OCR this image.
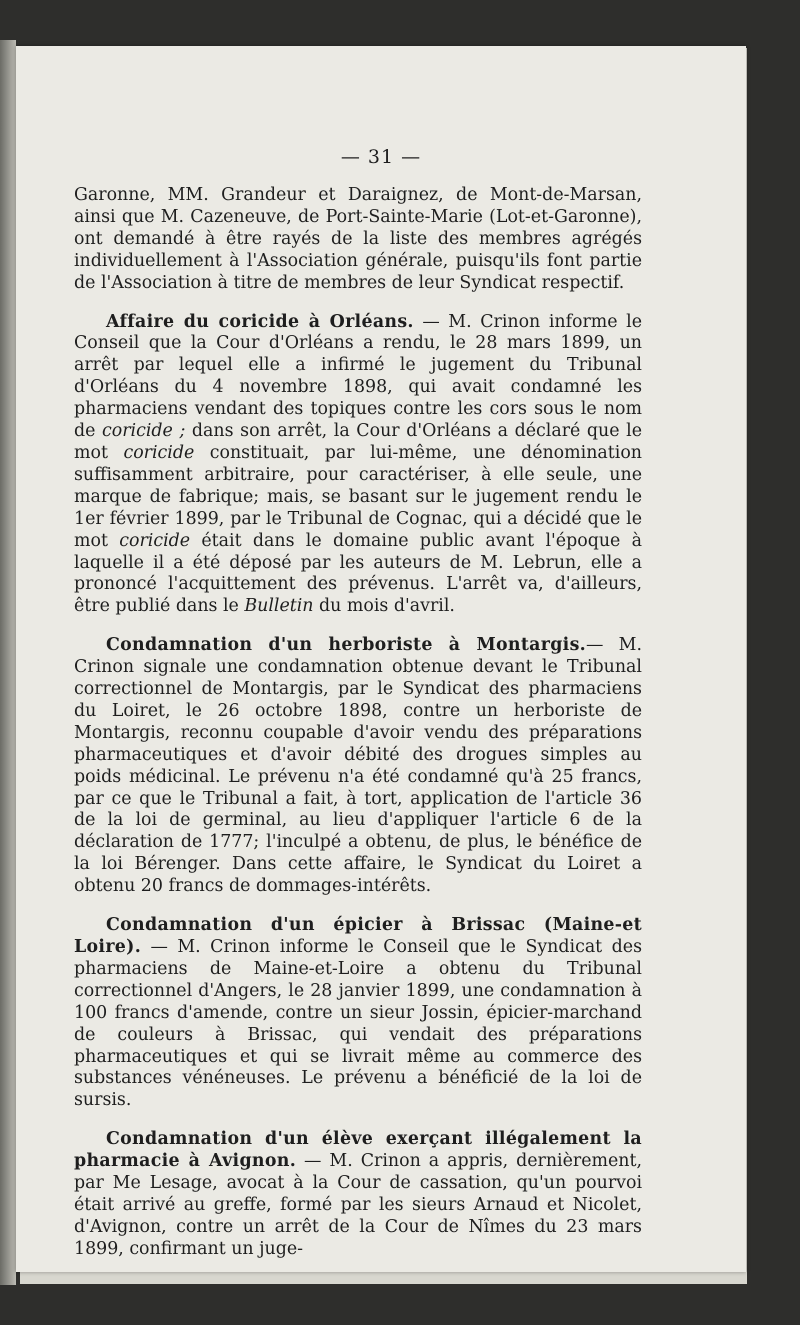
— 31 —

Garonne, MM. Grandeur et Daraignez, de Mont-de-Marsan, ainsi que M. Cazeneuve, de Port-Sainte-Marie (Lot-et-Garonne), ont demandé à être rayés de la liste des membres agrégés individuellement à l'Association générale, puisqu'ils font partie de l'Association à titre de membres de leur Syndicat respectif.

Affaire du coricide à Orléans. — M. Crinon informe le Conseil que la Cour d'Orléans a rendu, le 28 mars 1899, un arrêt par lequel elle a infirmé le jugement du Tribunal d'Orléans du 4 novembre 1898, qui avait condamné les pharmaciens vendant des topiques contre les cors sous le nom de coricide ; dans son arrêt, la Cour d'Orléans a déclaré que le mot coricide constituait, par lui-même, une dénomination suffisamment arbitraire, pour caractériser, à elle seule, une marque de fabrique; mais, se basant sur le jugement rendu le 1er février 1899, par le Tribunal de Cognac, qui a décidé que le mot coricide était dans le domaine public avant l'époque à laquelle il a été déposé par les auteurs de M. Lebrun, elle a prononcé l'acquittement des prévenus. L'arrêt va, d'ailleurs, être publié dans le Bulletin du mois d'avril.

Condamnation d'un herboriste à Montargis.— M. Crinon signale une condamnation obtenue devant le Tribunal correctionnel de Montargis, par le Syndicat des pharmaciens du Loiret, le 26 octobre 1898, contre un herboriste de Montargis, reconnu coupable d'avoir vendu des préparations pharmaceutiques et d'avoir débité des drogues simples au poids médicinal. Le prévenu n'a été condamné qu'à 25 francs, par ce que le Tribunal a fait, à tort, application de l'article 36 de la loi de germinal, au lieu d'appliquer l'article 6 de la déclaration de 1777; l'inculpé a obtenu, de plus, le bénéfice de la loi Bérenger. Dans cette affaire, le Syndicat du Loiret a obtenu 20 francs de dommages-intérêts.

Condamnation d'un épicier à Brissac (Maine-et Loire). — M. Crinon informe le Conseil que le Syndicat des pharmaciens de Maine-et-Loire a obtenu du Tribunal correctionnel d'Angers, le 28 janvier 1899, une condamnation à 100 francs d'amende, contre un sieur Jossin, épicier-marchand de couleurs à Brissac, qui vendait des préparations pharmaceutiques et qui se livrait même au commerce des substances vénéneuses. Le prévenu a bénéficié de la loi de sursis.

Condamnation d'un élève exerçant illégalement la pharmacie à Avignon. — M. Crinon a appris, dernièrement, par Me Lesage, avocat à la Cour de cassation, qu'un pourvoi était arrivé au greffe, formé par les sieurs Arnaud et Nicolet, d'Avignon, contre un arrêt de la Cour de Nîmes du 23 mars 1899, confirmant un juge-
